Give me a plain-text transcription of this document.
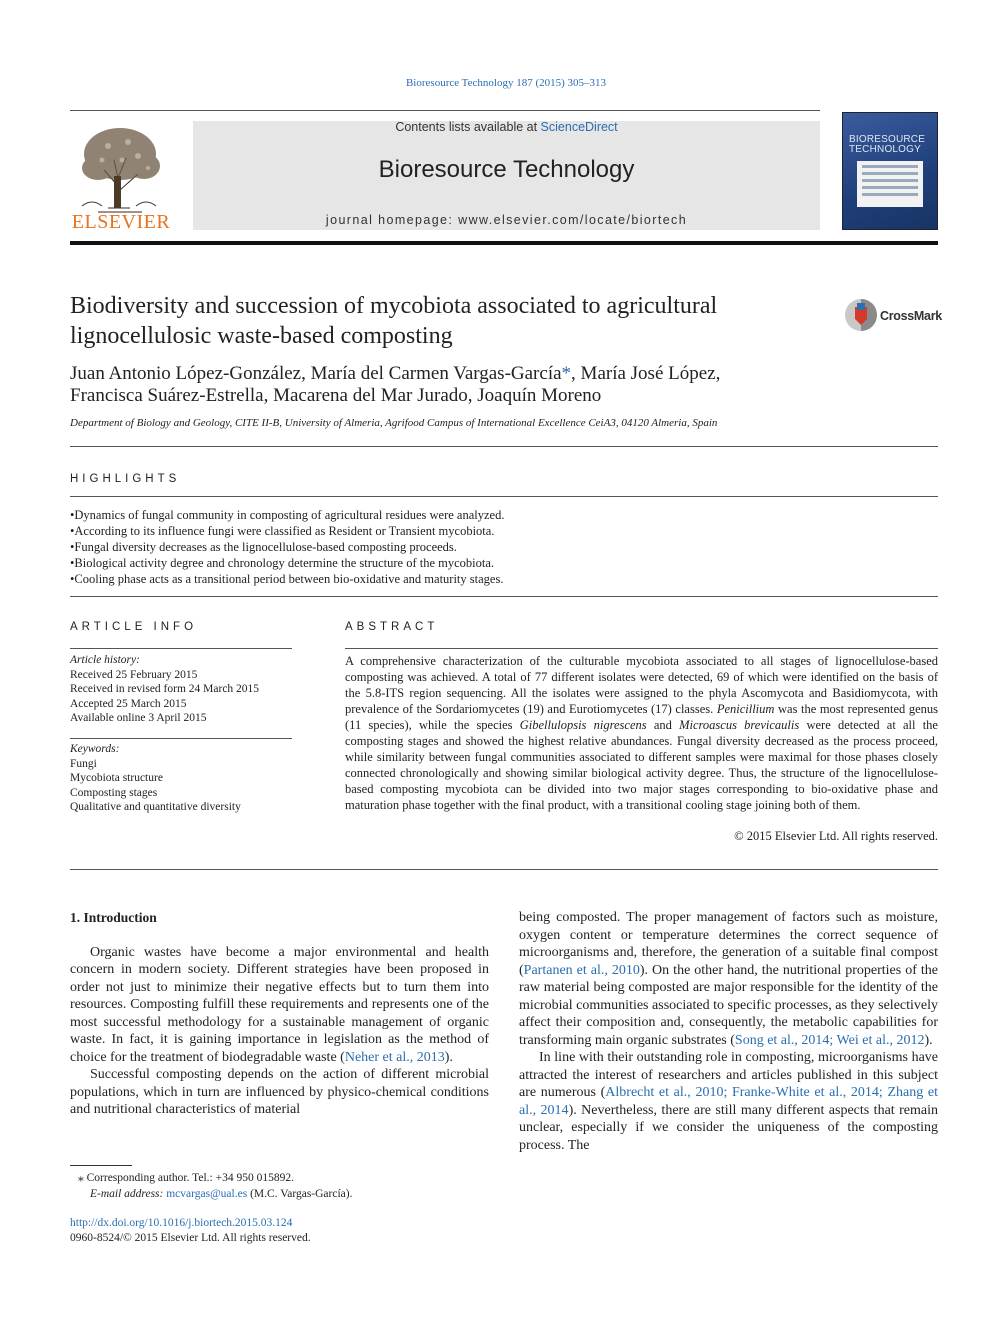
Bioresource Technology 187 (2015) 305–313
ELSEVIER
Contents lists available at ScienceDirect
Bioresource Technology
journal homepage: www.elsevier.com/locate/biortech
BIORESOURCE TECHNOLOGY
Biodiversity and succession of mycobiota associated to agricultural lignocellulosic waste-based composting
CrossMark
Juan Antonio López-González, María del Carmen Vargas-García*, María José López,
Francisca Suárez-Estrella, Macarena del Mar Jurado, Joaquín Moreno
Department of Biology and Geology, CITE II-B, University of Almeria, Agrifood Campus of International Excellence CeiA3, 04120 Almeria, Spain
HIGHLIGHTS
• Dynamics of fungal community in composting of agricultural residues were analyzed.
• According to its influence fungi were classified as Resident or Transient mycobiota.
• Fungal diversity decreases as the lignocellulose-based composting proceeds.
• Biological activity degree and chronology determine the structure of the mycobiota.
• Cooling phase acts as a transitional period between bio-oxidative and maturity stages.
ARTICLE INFO
Article history:
Received 25 February 2015
Received in revised form 24 March 2015
Accepted 25 March 2015
Available online 3 April 2015
Keywords:
Fungi
Mycobiota structure
Composting stages
Qualitative and quantitative diversity
ABSTRACT
A comprehensive characterization of the culturable mycobiota associated to all stages of lignocellulose-based composting was achieved. A total of 77 different isolates were detected, 69 of which were identified on the basis of the 5.8-ITS region sequencing. All the isolates were assigned to the phyla Ascomycota and Basidiomycota, with prevalence of the Sordariomycetes (19) and Eurotiomycetes (17) classes. Penicillium was the most represented genus (11 species), while the species Gibellulopsis nigrescens and Microascus brevicaulis were detected at all the composting stages and showed the highest relative abundances. Fungal diversity decreased as the process proceed, while similarity between fungal communities associated to different samples were maximal for those phases closely connected chronologically and showing similar biological activity degree. Thus, the structure of the lignocellulose-based composting mycobiota can be divided into two major stages corresponding to bio-oxidative phase and maturation phase together with the final product, with a transitional cooling stage joining both of them.
© 2015 Elsevier Ltd. All rights reserved.
1. Introduction

Organic wastes have become a major environmental and health concern in modern society. Different strategies have been proposed in order not just to minimize their negative effects but to turn them into resources. Composting fulfill these requirements and represents one of the most successful methodology for a sustainable management of organic waste. In fact, it is gaining importance in legislation as the method of choice for the treatment of biodegradable waste (Neher et al., 2013).

Successful composting depends on the action of different microbial populations, which in turn are influenced by physico-chemical conditions and nutritional characteristics of material

being composted. The proper management of factors such as moisture, oxygen content or temperature determines the correct sequence of microorganisms and, therefore, the generation of a suitable final compost (Partanen et al., 2010). On the other hand, the nutritional properties of the raw material being composted are major responsible for the identity of the microbial communities associated to specific processes, as they selectively affect their composition and, consequently, the metabolic capabilities for transforming main organic substrates (Song et al., 2014; Wei et al., 2012).

In line with their outstanding role in composting, microorganisms have attracted the interest of researchers and articles published in this subject are numerous (Albrecht et al., 2010; Franke-White et al., 2014; Zhang et al., 2014). Nevertheless, there are still many different aspects that remain unclear, especially if we consider the uniqueness of the composting process. The

⁎ Corresponding author. Tel.: +34 950 015892.
E-mail address: mcvargas@ual.es (M.C. Vargas-García).
http://dx.doi.org/10.1016/j.biortech.2015.03.124
0960-8524/© 2015 Elsevier Ltd. All rights reserved.
